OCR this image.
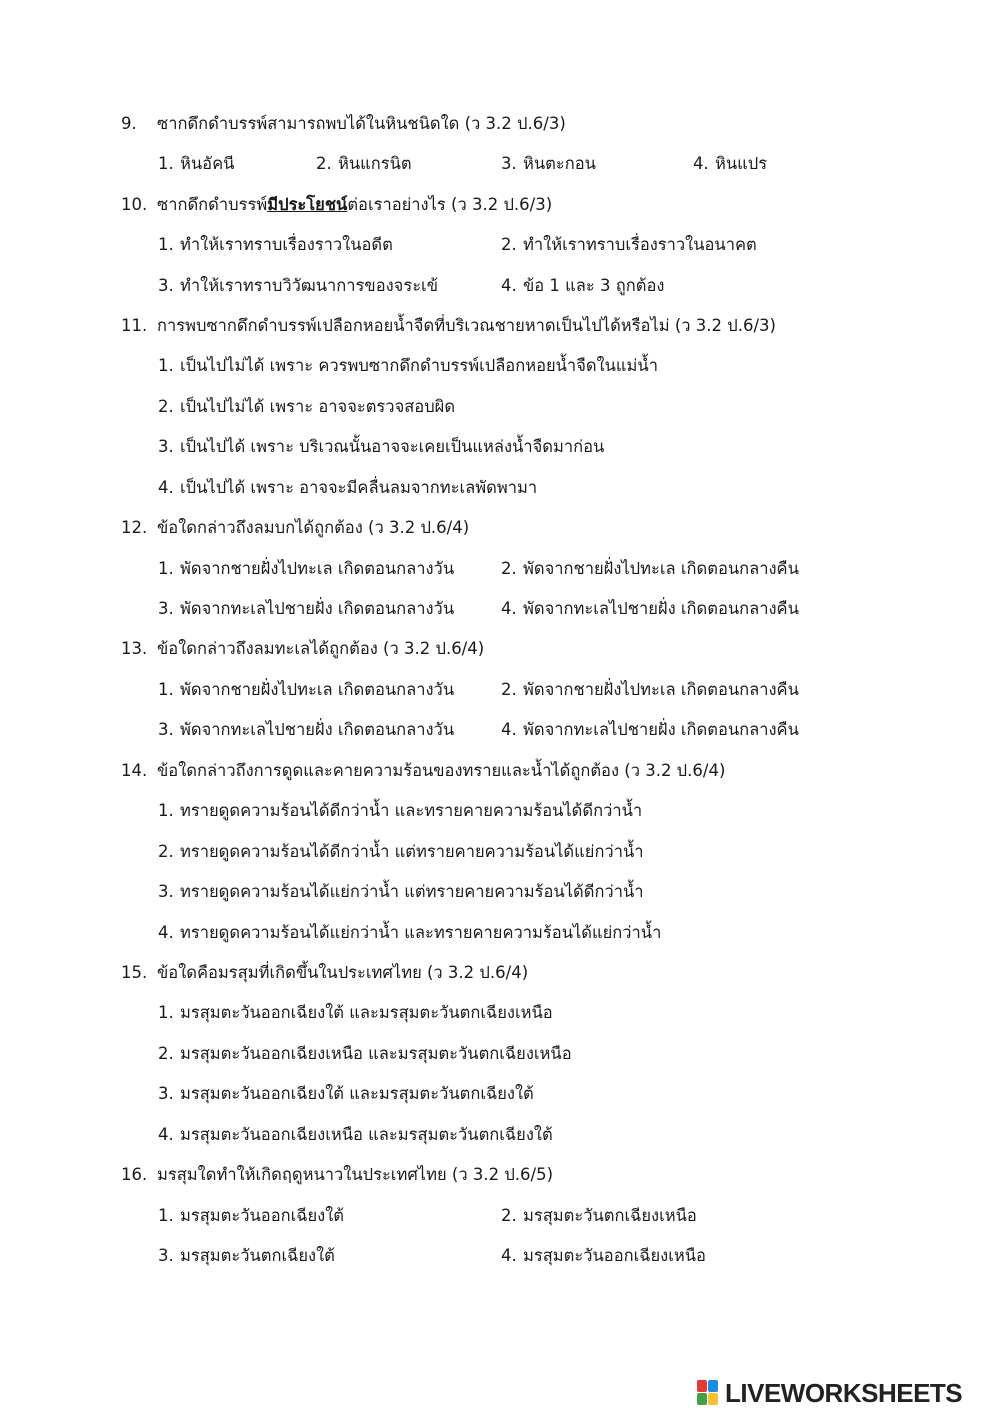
9. ซากดึกดำบรรพ์สามารถพบได้ในหินชนิดใด (ว 3.2 ป.6/3)
1. หินอัคนี	2. หินแกรนิต	3. หินตะกอน	4. หินแปร
10. ซากดึกดำบรรพ์มีประโยชน์ต่อเราอย่างไร (ว 3.2 ป.6/3)
1. ทำให้เราทราบเรื่องราวในอดีต	2. ทำให้เราทราบเรื่องราวในอนาคต
3. ทำให้เราทราบวิวัฒนาการของจระเข้	4. ข้อ 1 และ 3 ถูกต้อง
11. การพบซากดึกดำบรรพ์เปลือกหอยน้ำจืดที่บริเวณชายหาดเป็นไปได้หรือไม่ (ว 3.2 ป.6/3)
1. เป็นไปไม่ได้ เพราะ ควรพบซากดึกดำบรรพ์เปลือกหอยน้ำจืดในแม่น้ำ
2. เป็นไปไม่ได้ เพราะ อาจจะตรวจสอบผิด
3. เป็นไปได้ เพราะ บริเวณนั้นอาจจะเคยเป็นแหล่งน้ำจืดมาก่อน
4. เป็นไปได้ เพราะ อาจจะมีคลื่นลมจากทะเลพัดพามา
12. ข้อใดกล่าวถึงลมบกได้ถูกต้อง (ว 3.2 ป.6/4)
1. พัดจากชายฝั่งไปทะเล เกิดตอนกลางวัน	2. พัดจากชายฝั่งไปทะเล เกิดตอนกลางคืน
3. พัดจากทะเลไปชายฝั่ง เกิดตอนกลางวัน	4. พัดจากทะเลไปชายฝั่ง เกิดตอนกลางคืน
13. ข้อใดกล่าวถึงลมทะเลได้ถูกต้อง (ว 3.2 ป.6/4)
1. พัดจากชายฝั่งไปทะเล เกิดตอนกลางวัน	2. พัดจากชายฝั่งไปทะเล เกิดตอนกลางคืน
3. พัดจากทะเลไปชายฝั่ง เกิดตอนกลางวัน	4. พัดจากทะเลไปชายฝั่ง เกิดตอนกลางคืน
14. ข้อใดกล่าวถึงการดูดและคายความร้อนของทรายและน้ำได้ถูกต้อง (ว 3.2 ป.6/4)
1. ทรายดูดความร้อนได้ดีกว่าน้ำ และทรายคายความร้อนได้ดีกว่าน้ำ
2. ทรายดูดความร้อนได้ดีกว่าน้ำ แต่ทรายคายความร้อนได้แย่กว่าน้ำ
3. ทรายดูดความร้อนได้แย่กว่าน้ำ แต่ทรายคายความร้อนได้ดีกว่าน้ำ
4. ทรายดูดความร้อนได้แย่กว่าน้ำ และทรายคายความร้อนได้แย่กว่าน้ำ
15. ข้อใดคือมรสุมที่เกิดขึ้นในประเทศไทย (ว 3.2 ป.6/4)
1. มรสุมตะวันออกเฉียงใต้ และมรสุมตะวันตกเฉียงเหนือ
2. มรสุมตะวันออกเฉียงเหนือ และมรสุมตะวันตกเฉียงเหนือ
3. มรสุมตะวันออกเฉียงใต้ และมรสุมตะวันตกเฉียงใต้
4. มรสุมตะวันออกเฉียงเหนือ และมรสุมตะวันตกเฉียงใต้
16. มรสุมใดทำให้เกิดฤดูหนาวในประเทศไทย (ว 3.2 ป.6/5)
1. มรสุมตะวันออกเฉียงใต้	2. มรสุมตะวันตกเฉียงเหนือ
3. มรสุมตะวันตกเฉียงใต้	4. มรสุมตะวันออกเฉียงเหนือ
LIVEWORKSHEETS
